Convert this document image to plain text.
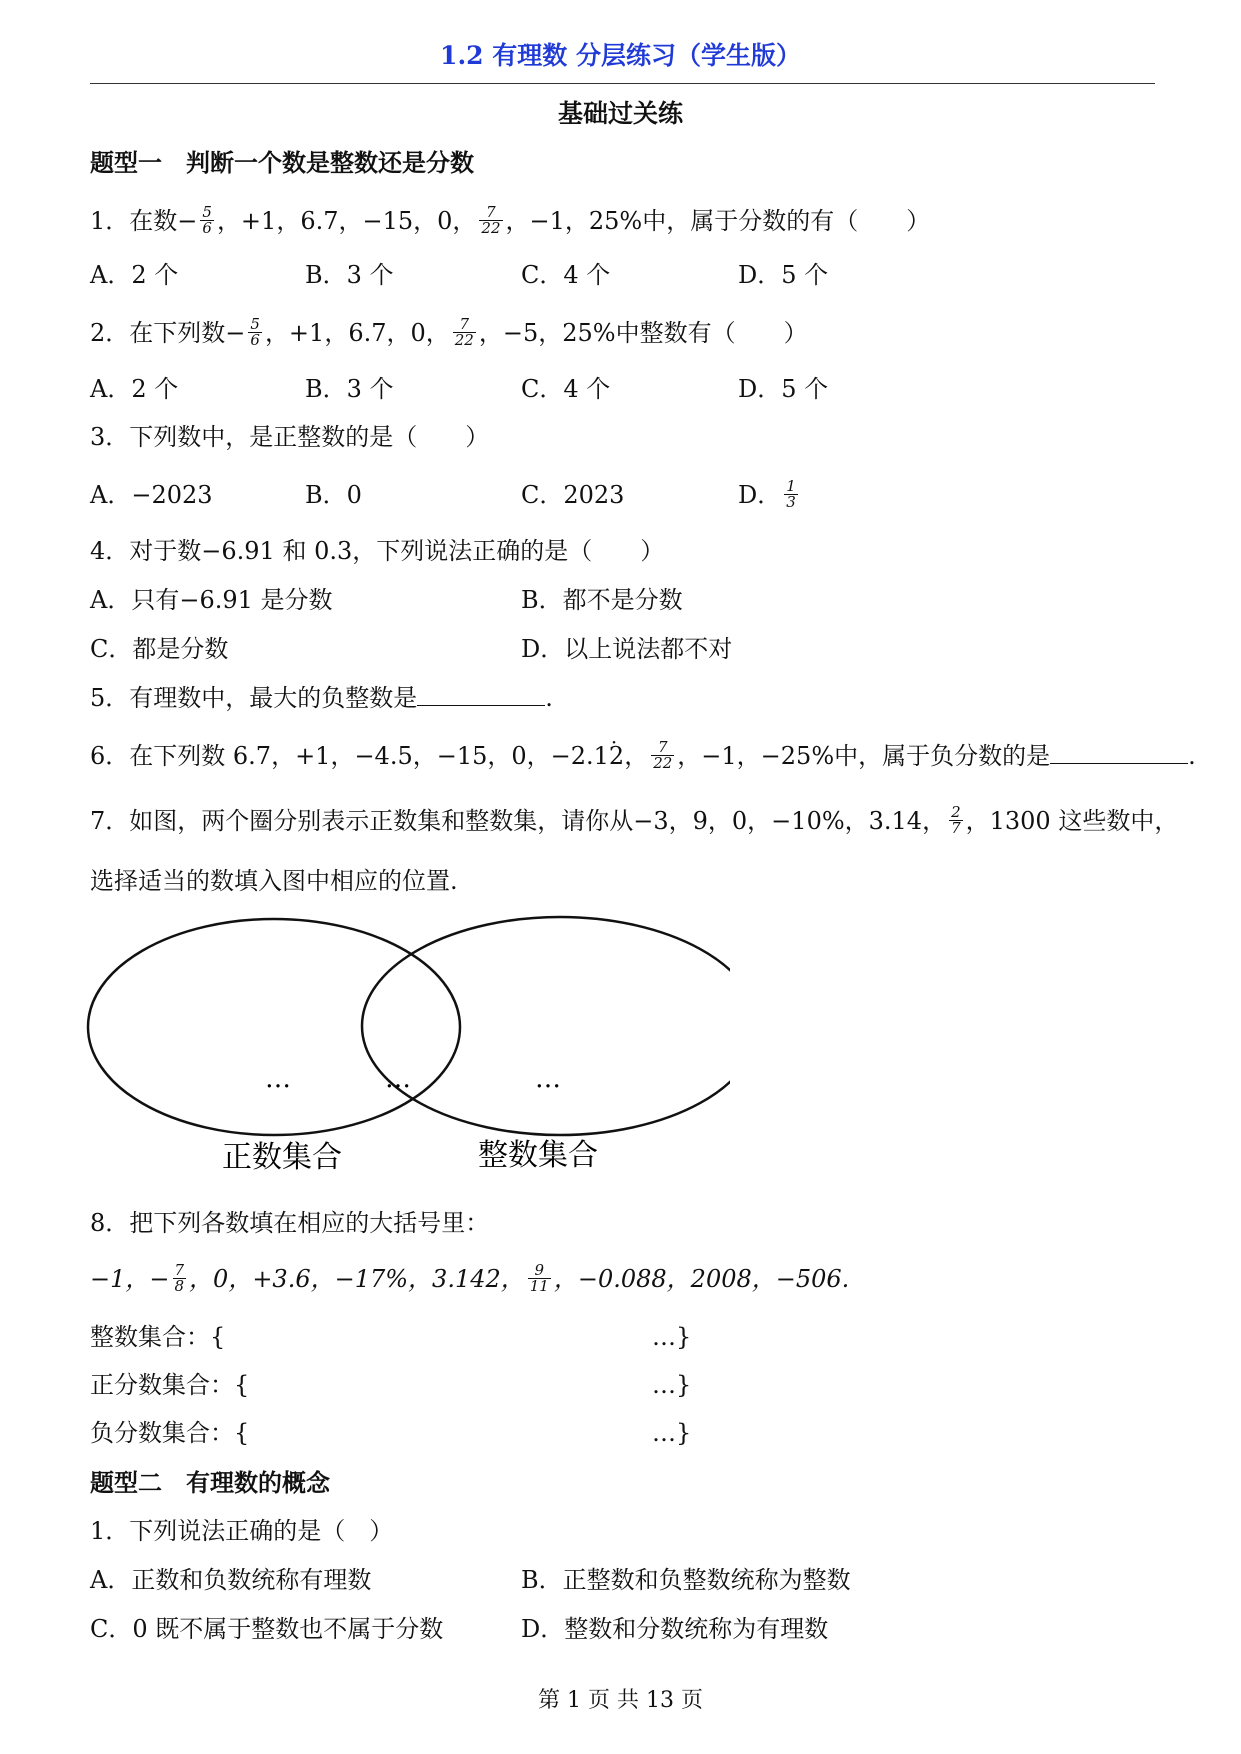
1.2 有理数 分层练习（学生版）
基础过关练
题型一　判断一个数是整数还是分数
1．在数− $\frac{5}{6}$ ，+1，6.7，−15，0， $\frac{7}{22}$ ，−1，25%中，属于分数的有（　　）
A．2 个	B．3 个	C．4 个	D．5 个
2．在下列数− $\frac{5}{6}$ ，+1，6.7，0， $\frac{7}{22}$ ，−5，25%中整数有（　　）
A．2 个	B．3 个	C．4 个	D．5 个
3．下列数中，是正整数的是（　　）
A．−2023	B．0	C．2023	D． $\frac{1}{3}$
4．对于数−6.91 和 0.3，下列说法正确的是（　　）
A．只有−6.91 是分数	B．都不是分数
C．都是分数	D．以上说法都不对
5．有理数中，最大的负整数是	.
6．在下列数 6.7，+1，−4.5，−15，0，−2.1· 2， $\frac{7}{22}$ ，−1，−25%中，属于负分数的是	.
7．如图，两个圈分别表示正数集和整数集，请你从−3，9，0，−10%，3.14， $\frac{2}{7}$ ，1300 这些数中，
选择适当的数填入图中相应的位置.
…	…	…
正数集合	整数集合
8．把下列各数填在相应的大括号里：
−1，− $\frac{7}{8}$ ，0，+3.6，−17%，3.142， $\frac{9}{11}$ ，−0.088，2008，−506.
整数集合：{	…}
正分数集合：{	…}
负分数集合：{	…}
题型二　有理数的概念
1．下列说法正确的是（　）
A．正数和负数统称有理数	B．正整数和负整数统称为整数
C．0 既不属于整数也不属于分数	D．整数和分数统称为有理数
第 1 页 共 13 页
